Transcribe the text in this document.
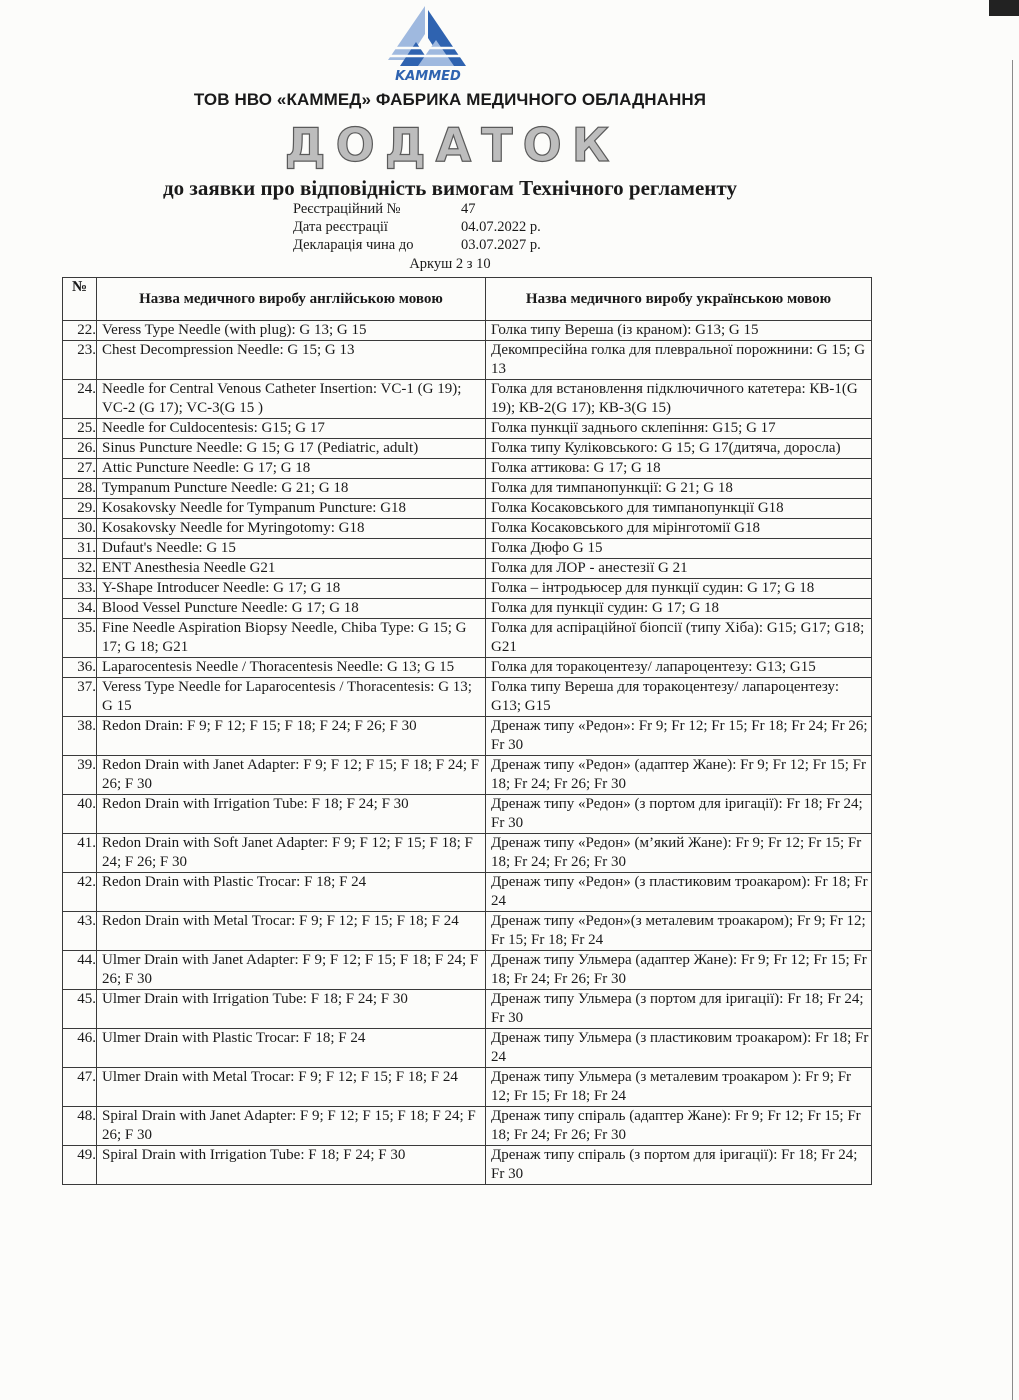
KAMMED
ТОВ НВО «КАММЕД» ФАБРИКА МЕДИЧНОГО ОБЛАДНАННЯ
ДОДАТОК
до заявки про відповідність вимогам Технічного регламенту
Реєстраційний №	47
Дата реєстрації	04.07.2022 р.
Декларація чина до	03.07.2027 р.
Аркуш 2 з 10
№	Назва медичного виробу англійською мовою	Назва медичного виробу українською мовою
22.	Veress Type Needle (with plug): G 13; G 15	Голка типу Вереша (із краном): G13; G 15
23.	Chest Decompression Needle: G 15; G 13	Декомпресійна голка для плевральної порожнини: G 15; G 13
24.	Needle for Central Venous Catheter Insertion: VC-1 (G 19); VC-2 (G 17); VC-3(G 15 )	Голка для встановлення підключичного катетера: КВ-1(G 19); КВ-2(G 17); КВ-3(G 15)
25.	Needle for Culdocentesis: G15; G 17	Голка пункції заднього склепіння: G15; G 17
26.	Sinus Puncture Needle: G 15; G 17 (Pediatric, adult)	Голка типу Куліковського: G 15; G 17(дитяча, доросла)
27.	Attic Puncture Needle: G 17; G 18	Голка аттикова: G 17; G 18
28.	Tympanum Puncture Needle: G 21; G 18	Голка для тимпанопункції: G 21; G 18
29.	Kosakovsky Needle for Tympanum Puncture: G18	Голка Косаковського для тимпанопункції G18
30.	Kosakovsky Needle for Myringotomy: G18	Голка Косаковського для мірінготомії G18
31.	Dufaut's Needle: G 15	Голка Дюфо G 15
32.	ENT Anesthesia Needle G21	Голка для ЛОР - анестезії G 21
33.	Y-Shape Introducer Needle: G 17; G 18	Голка – інтродьюсер для пункції судин: G 17; G 18
34.	Blood Vessel Puncture Needle: G 17; G 18	Голка для пункції судин: G 17; G 18
35.	Fine Needle Aspiration Biopsy Needle, Chiba Type: G 15; G 17; G 18; G21	Голка для аспіраційної біопсії (типу Хіба): G15; G17; G18; G21
36.	Laparocentesis Needle / Thoracentesis Needle: G 13; G 15	Голка для торакоцентезу/ лапароцентезу: G13; G15
37.	Veress Type Needle for Laparocentesis / Thoracentesis: G 13; G 15	Голка типу Вереша для торакоцентезу/ лапароцентезу: G13; G15
38.	Redon Drain: F 9; F 12; F 15; F 18; F 24; F 26; F 30	Дренаж типу «Редон»: Fr 9; Fr 12; Fr 15; Fr 18; Fr 24; Fr 26; Fr 30
39.	Redon Drain with Janet Adapter: F 9; F 12; F 15; F 18; F 24; F 26; F 30	Дренаж типу «Редон» (адаптер Жане): Fr 9; Fr 12; Fr 15; Fr 18; Fr 24; Fr 26; Fr 30
40.	Redon Drain with Irrigation Tube: F 18; F 24; F 30	Дренаж типу «Редон» (з портом для іригації): Fr 18; Fr 24; Fr 30
41.	Redon Drain with Soft Janet Adapter: F 9; F 12; F 15; F 18; F 24; F 26; F 30	Дренаж типу «Редон» (м’який Жане): Fr 9; Fr 12; Fr 15; Fr 18; Fr 24; Fr 26; Fr 30
42.	Redon Drain with Plastic Trocar: F 18; F 24	Дренаж типу «Редон» (з пластиковим троакаром): Fr 18; Fr 24
43.	Redon Drain with Metal Trocar: F 9; F 12; F 15; F 18; F 24	Дренаж типу «Редон»(з металевим троакаром); Fr 9; Fr 12; Fr 15; Fr 18; Fr 24
44.	Ulmer Drain with Janet Adapter: F 9; F 12; F 15; F 18; F 24; F 26; F 30	Дренаж типу Ульмера (адаптер Жане): Fr 9; Fr 12; Fr 15; Fr 18; Fr 24; Fr 26; Fr 30
45.	Ulmer Drain with Irrigation Tube: F 18; F 24; F 30	Дренаж типу Ульмера (з портом для іригації): Fr 18; Fr 24; Fr 30
46.	Ulmer Drain with Plastic Trocar: F 18; F 24	Дренаж типу Ульмера (з пластиковим троакаром): Fr 18; Fr 24
47.	Ulmer Drain with Metal Trocar: F 9; F 12; F 15; F 18; F 24	Дренаж типу Ульмера (з металевим троакаром ): Fr 9; Fr 12; Fr 15; Fr 18; Fr 24
48.	Spiral Drain with Janet Adapter: F 9; F 12; F 15; F 18; F 24; F 26; F 30	Дренаж типу спіраль (адаптер Жане): Fr 9; Fr 12; Fr 15; Fr 18; Fr 24; Fr 26; Fr 30
49.	Spiral Drain with Irrigation Tube: F 18; F 24; F 30	Дренаж типу спіраль (з портом для іригації): Fr 18; Fr 24; Fr 30
